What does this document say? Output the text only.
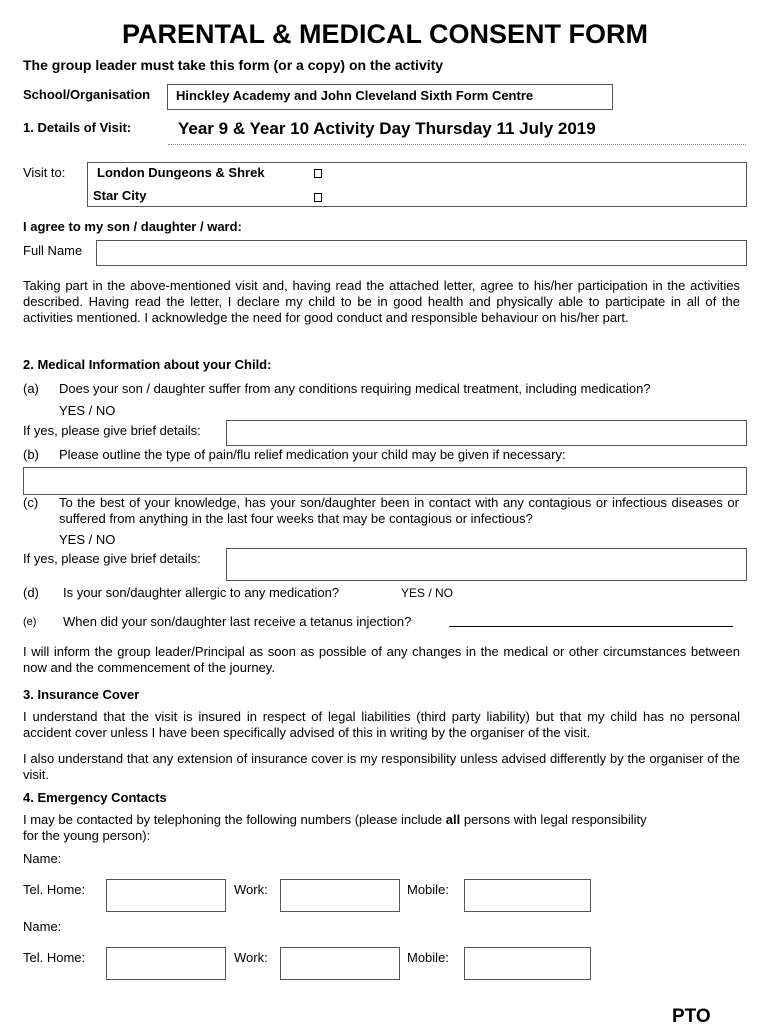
PARENTAL & MEDICAL CONSENT FORM
The group leader must take this form (or a copy) on the activity
School/Organisation Hinckley Academy and John Cleveland Sixth Form Centre
1. Details of Visit:	Year 9 & Year 10 Activity Day Thursday 11 July 2019
Visit to: London Dungeons & Shrek
Star City
I agree to my son / daughter / ward:
Full Name
Taking part in the above-mentioned visit and, having read the attached letter, agree to his/her participation in the activities described. Having read the letter, I declare my child to be in good health and physically able to participate in all of the activities mentioned. I acknowledge the need for good conduct and responsible behaviour on his/her part.
2. Medical Information about your Child:
(a) Does your son / daughter suffer from any conditions requiring medical treatment, including medication?
YES / NO
If yes, please give brief details:
(b) Please outline the type of pain/flu relief medication your child may be given if necessary:
(c) To the best of your knowledge, has your son/daughter been in contact with any contagious or infectious diseases or suffered from anything in the last four weeks that may be contagious or infectious?
YES / NO
If yes, please give brief details:
(d) Is your son/daughter allergic to any medication?	YES / NO
(e) When did your son/daughter last receive a tetanus injection?
I will inform the group leader/Principal as soon as possible of any changes in the medical or other circumstances between now and the commencement of the journey.
3. Insurance Cover
I understand that the visit is insured in respect of legal liabilities (third party liability) but that my child has no personal accident cover unless I have been specifically advised of this in writing by the organiser of the visit.
I also understand that any extension of insurance cover is my responsibility unless advised differently by the organiser of the visit.
4. Emergency Contacts
I may be contacted by telephoning the following numbers (please include all persons with legal responsibility
for the young person):
Name:
Tel. Home:	Work:	Mobile:
Name:
Tel. Home:	Work:	Mobile:
PTO
